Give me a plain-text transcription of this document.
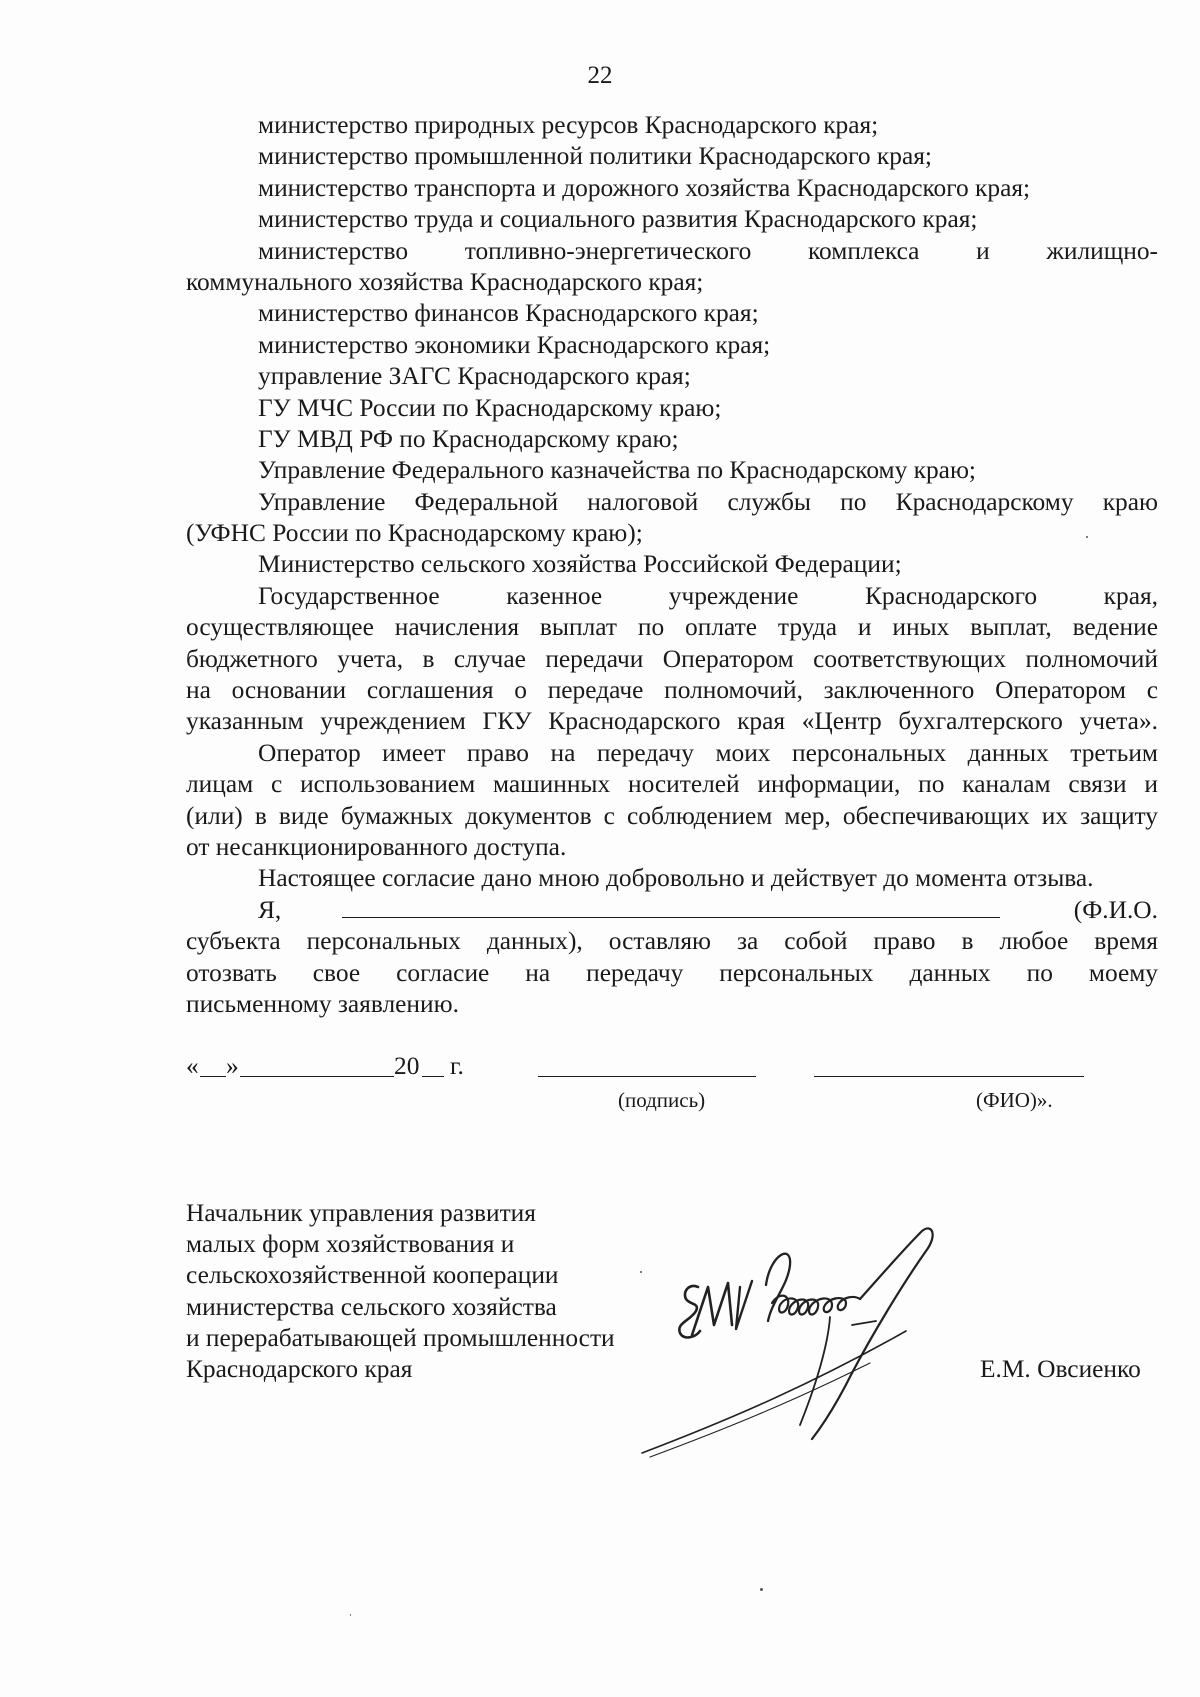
22
министерство природных ресурсов Краснодарского края;
министерство промышленной политики Краснодарского края;
министерство транспорта и дорожного хозяйства Краснодарского края;
министерство труда и социального развития Краснодарского края;
министерство топливно-энергетического комплекса и жилищно-
коммунального хозяйства Краснодарского края;
министерство финансов Краснодарского края;
министерство экономики Краснодарского края;
управление ЗАГС Краснодарского края;
ГУ МЧС России по Краснодарскому краю;
ГУ МВД РФ по Краснодарскому краю;
Управление Федерального казначейства по Краснодарскому краю;
Управление Федеральной налоговой службы по Краснодарскому краю
(УФНС России по Краснодарскому краю);
Министерство сельского хозяйства Российской Федерации;
Государственное казенное учреждение Краснодарского края,
осуществляющее начисления выплат по оплате труда и иных выплат, ведение
бюджетного учета, в случае передачи Оператором соответствующих полномочий
на основании соглашения о передаче полномочий, заключенного Оператором с
указанным учреждением ГКУ Краснодарского края «Центр бухгалтерского учета».
Оператор имеет право на передачу моих персональных данных третьим
лицам с использованием машинных носителей информации, по каналам связи и
(или) в виде бумажных документов с соблюдением мер, обеспечивающих их защиту
от несанкционированного доступа.
Настоящее согласие дано мною добровольно и действует до момента отзыва.
Я,	(Ф.И.О.
субъекта персональных данных), оставляю за собой право в любое время
отозвать свое согласие на передачу персональных данных по моему
письменному заявлению.
« »	20 г.
(подпись)	(ФИО)».
Начальник управления развития
малых форм хозяйствования и
сельскохозяйственной кооперации
министерства сельского хозяйства
и перерабатывающей промышленности
Краснодарского края	Е.М. Овсиенко
